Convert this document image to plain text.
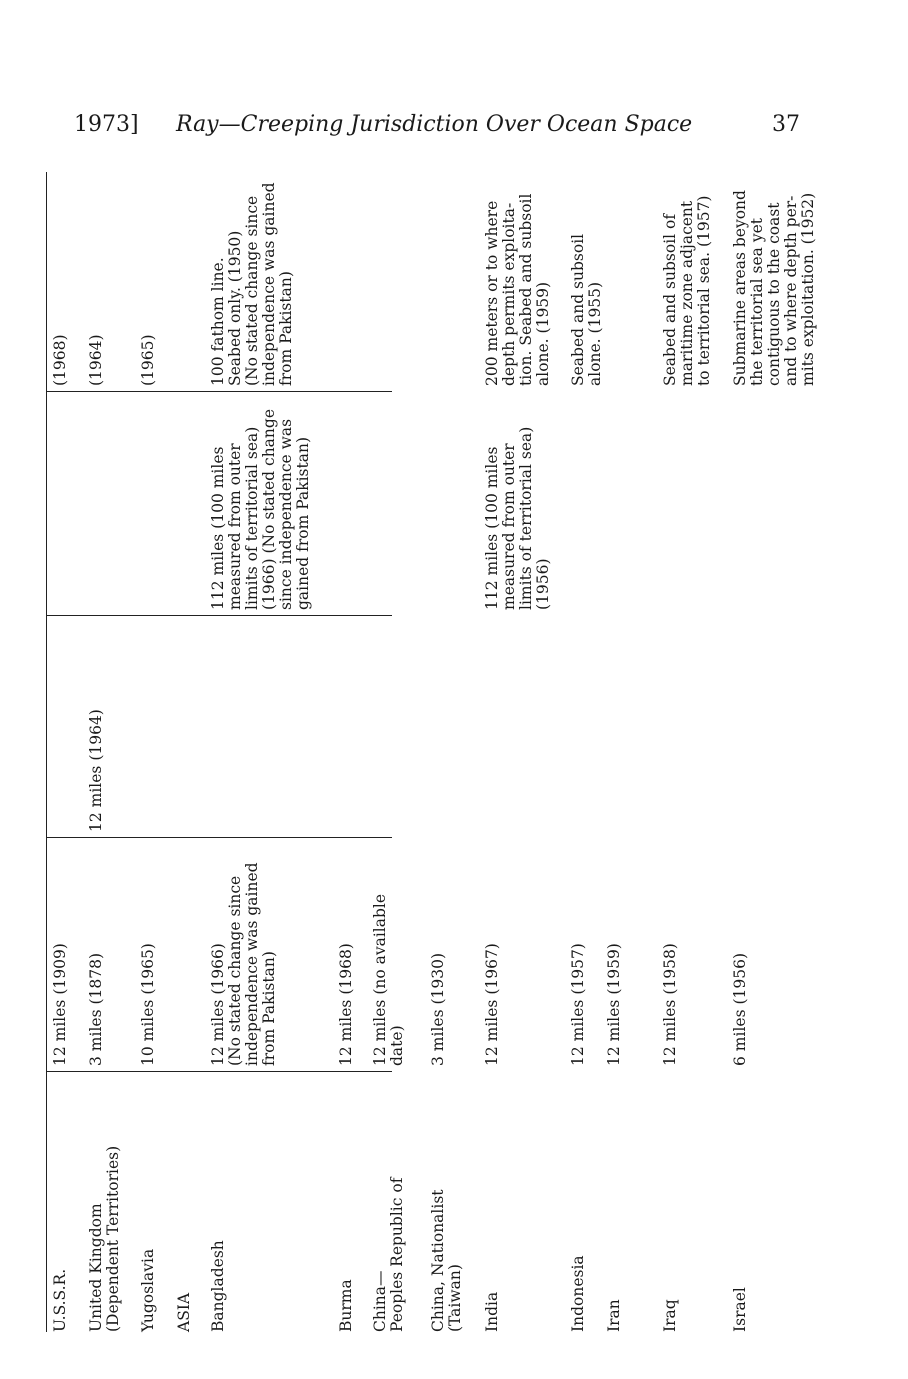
1973] Ray—Creeping Jurisdiction Over Ocean Space	37
U.S.S.R.
12 miles (1909)
(1968)
United Kingdom
(Dependent Territories)
3 miles (1878)
12 miles (1964)
(1964)
Yugoslavia
10 miles (1965)
(1965)
ASIA Bangladesh
12 miles (1966)
(No stated change since
independence was gained
from Pakistan)
112 miles (100 miles
measured from outer
limits of territorial sea)
(1966) (No stated change
since independence was
gained from Pakistan)
100 fathom line.
Seabed only. (1950)
(No stated change since
independence was gained
from Pakistan)
Burma
12 miles (1968)
China—
Peoples Republic of
12 miles (no available
date)
China, Nationalist
(Taiwan)
3 miles (1930)
India
12 miles (1967)
112 miles (100 miles
measured from outer
limits of territorial sea)
(1956)
200 meters or to where
depth permits exploita-
tion. Seabed and subsoil
alone. (1959)
Indonesia
12 miles (1957)
Seabed and subsoil
alone. (1955)
Iran
12 miles (1959)
Iraq
12 miles (1958)
Seabed and subsoil of
maritime zone adjacent
to territorial sea. (1957)
Israel
6 miles (1956)
Submarine areas beyond
the territorial sea yet
contiguous to the coast
and to where depth per-
mits exploitation. (1952)
